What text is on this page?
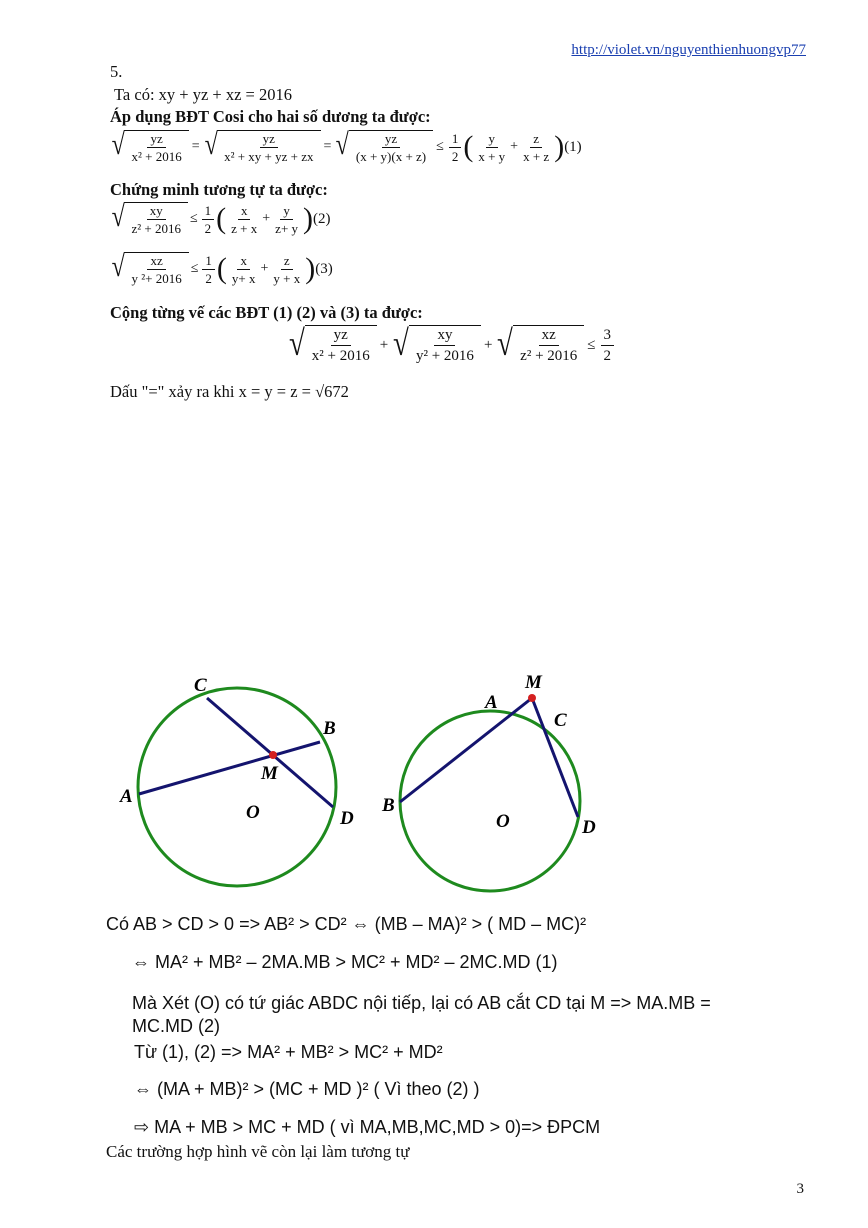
http://violet.vn/nguyenthienhuongvp77
5.
Ta có: xy + yz + xz = 2016
Áp dụng BĐT Cosi cho hai số dương ta được:
√ $\frac{yz}{\text{x² + 2016}}$ = √ $\frac{yz}{\text{x² + xy + yz + zx}}$ = √ $\frac{yz}{(x + y)(x + z)} \le \frac{1}{2}$ ( $\frac{y}{x + y} + \frac{z}{x + z}$ ) (1)
Chứng minh tương tự ta được:
√ $\frac{xy}{\text{z² + 2016}} \le \frac{1}{2}$ ( $\frac{x}{z + x} + \frac{y}{z+ y}$ ) (2)
√ $\frac{xz}{\text{y ²+ 2016}} \le \frac{1}{2}$ ( $\frac{x}{y+ x} + \frac{z}{y + x}$ ) (3)
Cộng từng vế các BĐT (1) (2) và (3) ta được:
√ $\frac{yz}{\text{x² + 2016}}$ + √ $\frac{xy}{\text{y² + 2016}}$ + √ $\frac{xz}{\text{z² + 2016}} \le \frac{3}{2}$
Dấu "=" xảy ra khi x = y = z = √672
C
B
M
A
O	D
M
A
C
B
O	D
Có AB > CD > 0 => AB² > CD² ⇔ (MB – MA)² > ( MD – MC)²
⇔ MA² + MB² – 2MA.MB > MC² + MD² – 2MC.MD (1)
Mà Xét (O) có tứ giác ABDC nội tiếp, lại có AB cắt CD tại M => MA.MB =
MC.MD (2)
Từ (1), (2) => MA² + MB² > MC² + MD²
⇔ (MA + MB)² > (MC + MD )² ( Vì theo (2) )
⇨ MA + MB > MC + MD ( vì MA,MB,MC,MD > 0)=> ĐPCM
Các trường hợp hình vẽ còn lại làm tương tự
3
